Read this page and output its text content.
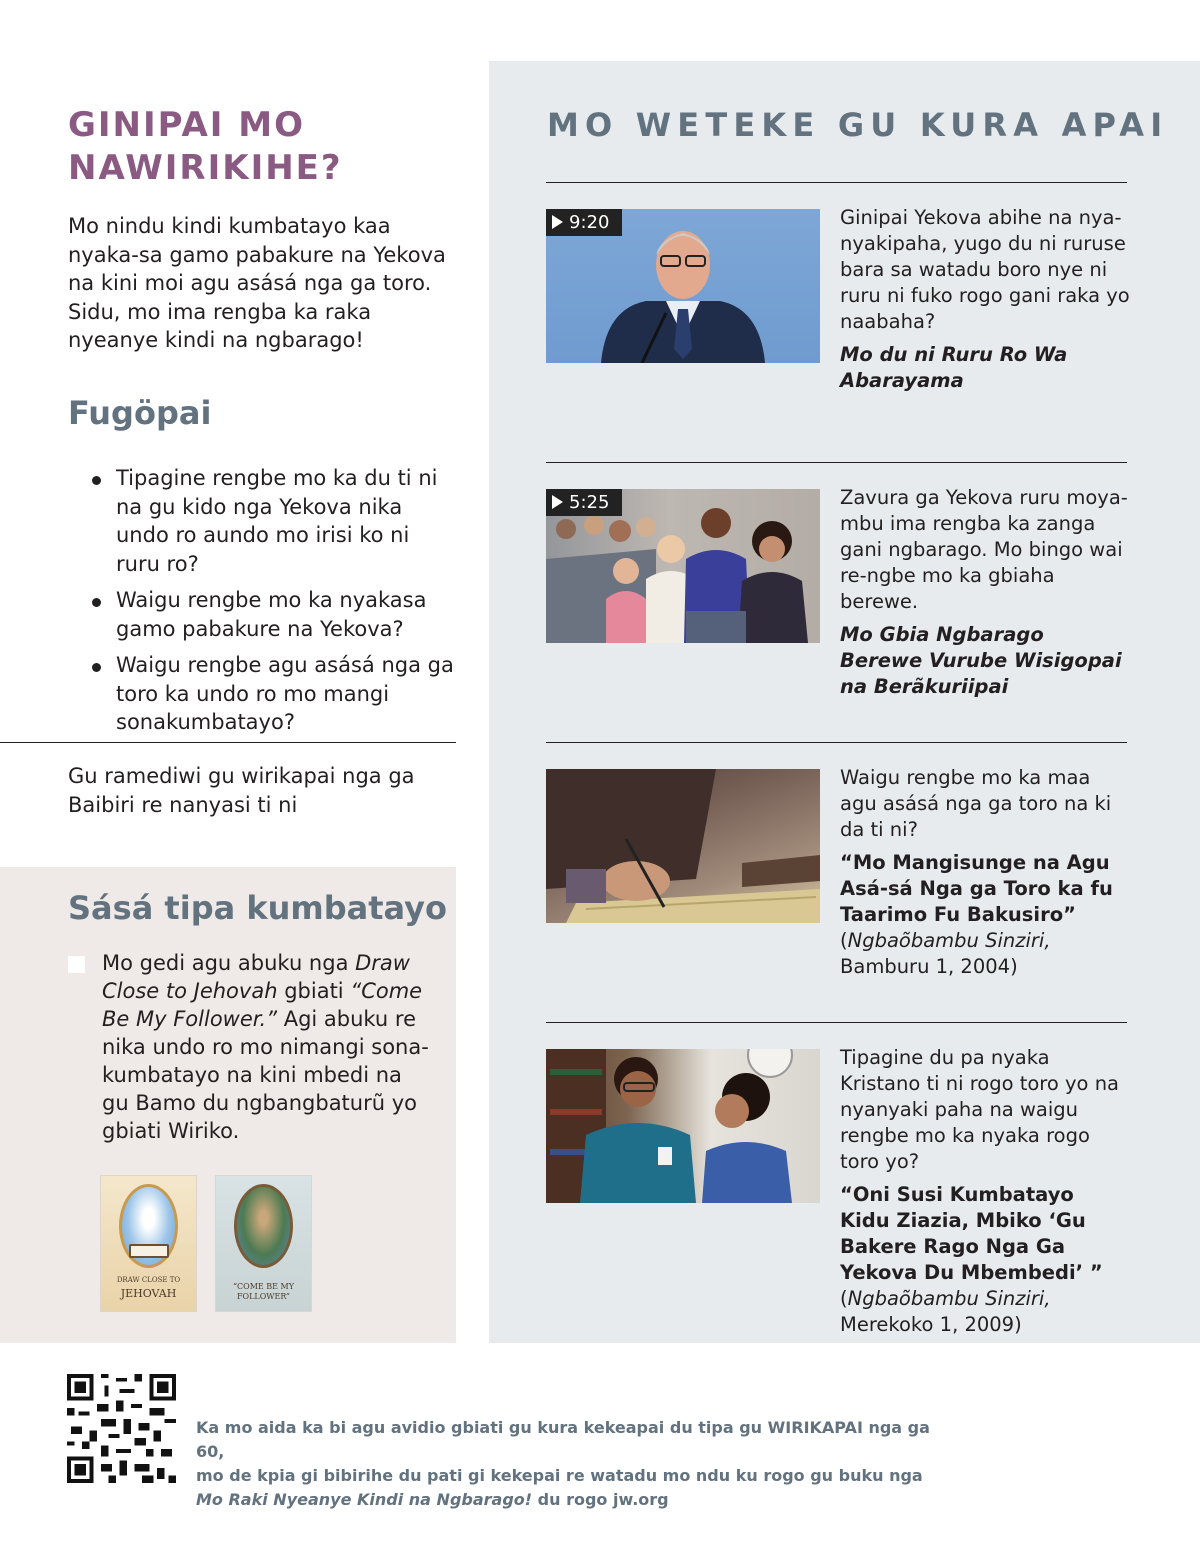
GINIPAI MO NAWIRIKIHE?

Mo nindu kindi kumbatayo kaa nyaka-sa gamo pabakure na Yekova na kini moi agu asásá nga ga toro. Sidu, mo ima rengba ka raka nyeanye kindi na ngbarago!

Fugöpai
Tipagine rengbe mo ka du ti ni na gu kido nga Yekova nika undo ro aundo mo irisi ko ni ruru ro?
Waigu rengbe mo ka nyakasa gamo pabakure na Yekova?
Waigu rengbe agu asásá nga ga toro ka undo ro mo mangi sonakumbatayo?

Gu ramediwi gu wirikapai nga ga Baibiri re nanyasi ti ni

Sásá tipa kumbatayo

Mo gedi agu abuku nga Draw Close to Jehovah gbiati “Come Be My Follower.” Agi abuku re nika undo ro mo nimangi sona-kumbatayo na kini mbedi na gu Bamo du ngbangbaturũ yo gbiati Wiriko.

DRAW CLOSE TO
JEHOVAH
“COME BE MY FOLLOWER”
MO WETEKE GU KURA APAI
9:20	Ginipai Yekova abihe na nya-nyakipaha, yugo du ni ruruse bara sa watadu boro nye ni ruru ni fuko rogo gani raka yo naabaha?

Mo du ni Ruru Ro Wa Abarayama

5:25	Zavura ga Yekova ruru moya-mbu ima rengba ka zanga gani ngbarago. Mo bingo wai re-ngbe mo ka gbiaha berewe.

Mo Gbia Ngbarago Berewe Vurube Wisigopai na Berãkuriipai

Waigu rengbe mo ka maa agu asásá nga ga toro na ki da ti ni?

“Mo Mangisunge na Agu Asá-sá Nga ga Toro ka fu Taarimo Fu Bakusiro” (Ngbaõbambu Sinziri, Bamburu 1, 2004)

Tipagine du pa nyaka Kristano ti ni rogo toro yo na nyanyaki paha na waigu rengbe mo ka nyaka rogo toro yo?

“Oni Susi Kumbatayo Kidu Ziazia, Mbiko ‘Gu Bakere Rago Nga Ga Yekova Du Mbembedi’ ” (Ngbaõbambu Sinziri, Merekoko 1, 2009)

Ka mo aida ka bi agu avidio gbiati gu kura kekeapai du tipa gu WIRIKAPAI nga ga 60,
mo de kpia gi bibirihe du pati gi kekepai re watadu mo ndu ku rogo gu buku nga
Mo Raki Nyeanye Kindi na Ngbarago! du rogo jw.org
